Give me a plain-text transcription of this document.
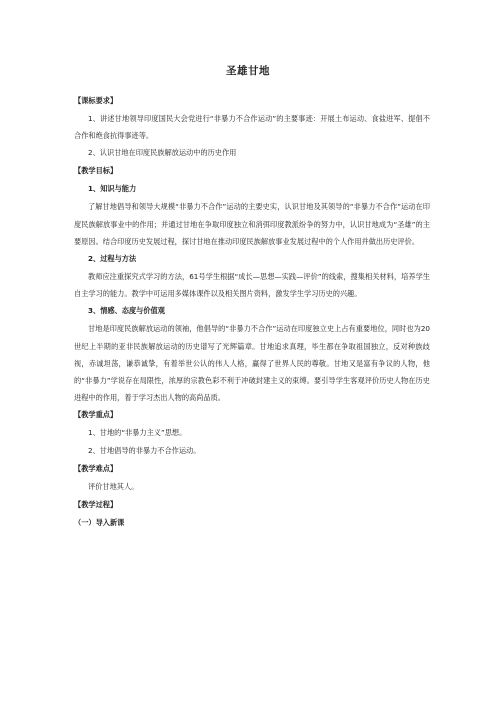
圣雄甘地

【课标要求】

1、讲述甘地领导印度国民大会党进行“非暴力不合作运动”的主要事迹：开展土布运动、食盐进军、提倡不合作和绝食抗得事迹等。

2、认识甘地在印度民族解放运动中的历史作用

【教学目标】

1、知识与能力

了解甘地倡导和领导大规模“非暴力不合作”运动的主要史实，认识甘地及其领导的“非暴力不合作”运动在印度民族解放事业中的作用；并通过甘地在争取印度独立和消弭印度教派纷争的努力中，认识甘地成为“圣雄”的主要原因。结合印度历史发展过程，探讨甘地在推动印度民族解放事业发展过程中的个人作用并做出历史评价。

2、过程与方法

教师应注重探究式学习的方法，61号学生根据“成长—思想—实践—评价”的线索，搜集相关材料，培养学生自主学习的能力。教学中可运用多媒体课件以及相关图片资料，激发学生学习历史的兴趣。

3、情感、态度与价值观

甘地是印度民族解放运动的领袖，他倡导的“非暴力不合作”运动在印度独立史上占有重要地位，同时也为20世纪上半期的亚非民族解放运动的历史谱写了光辉篇章。甘地追求真理，毕生都在争取祖国独立，反对种族歧视，赤诚坦荡，谦恭诚挚，有着举世公认的伟人人格，赢得了世界人民的尊敬。甘地又是富有争议的人物，他的“非暴力”学说存在局限性，浓厚的宗教色彩不利于冲破封建主义的束缚。要引导学生客观评价历史人物在历史进程中的作用，着于学习杰出人物的高尚品质。

【教学重点】

1、甘地的“非暴力主义”思想。

2、甘地倡导的非暴力不合作运动。

【教学难点】

评价甘地其人。

【教学过程】

（一）导入新课
